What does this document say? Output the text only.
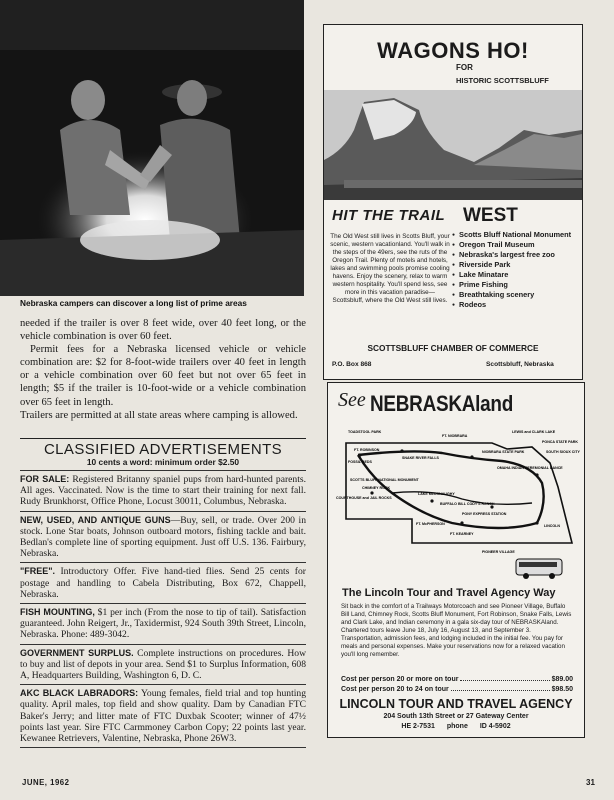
Nebraska campers can discover a long list of prime areas

needed if the trailer is over 8 feet wide, over 40 feet long, or the vehicle combination is over 60 feet.

Permit fees for a Nebraska licensed vehicle or vehicle combination are: $2 for 8-foot-wide trailers over 40 feet in length or a vehicle combination over 60 feet but not over 65 feet in length; $5 if the trailer is 10-foot-wide or a vehicle combination over 65 feet in length.

Trailers are permitted at all state areas where camping is allowed.

CLASSIFIED ADVERTISEMENTS
10 cents a word: minimum order $2.50
FOR SALE: Registered Britanny spaniel pups from hard-hunted parents. All ages. Vaccinated. Now is the time to start their training for next fall. Rudy Brunkhorst, Office Phone, Locust 30011, Columbus, Nebraska.
NEW, USED, AND ANTIQUE GUNS—Buy, sell, or trade. Over 200 in stock. Lone Star boats, Johnson outboard motors, fishing tackle and bait. Bedlan's complete line of sporting equipment. Just off U.S. 136. Fairbury, Nebraska.
"FREE". Introductory Offer. Five hand-tied flies. Send 25 cents for postage and handling to Cabela Distributing, Box 672, Chappell, Nebraska.
FISH MOUNTING, $1 per inch (From the nose to tip of tail). Satisfaction guaranteed. John Reigert, Jr., Taxidermist, 924 South 39th Street, Lincoln, Nebraska. Phone: 489-3042.
GOVERNMENT SURPLUS. Complete instructions on procedures. How to buy and list of depots in your area. Send $1 to Surplus Information, 608 A, Headquarters Building, Washington 6, D. C.
AKC BLACK LABRADORS: Young females, field trial and top hunting quality. April males, top field and show quality. Dam by Canadian FTC Baker's Jerry; and litter mate of FTC Duxbak Scooter; winner of 47½ points last year. Sire FTC Carmmoney Carbon Copy; 22 points last year. Kewanee Retrievers, Valentine, Nebraska, Phone 26W3.
JUNE, 1962	31
WAGONS HO!
FOR
HISTORIC SCOTTSBLUFF
HIT THE TRAIL WEST
The Old West still lives in Scotts Bluff, your scenic, western vacationland. You'll walk in the steps of the 49ers, see the ruts of the Oregon Trail. Plenty of motels and hotels, lakes and swimming pools promise cooling havens. Enjoy the scenery, relax to warm western hospitality. You'll spend less, see more in this vacation paradise—Scottsbluff, where the Old West still lives.
● Scotts Bluff National Monument
● Oregon Trail Museum
● Nebraska's largest free zoo
● Riverside Park
● Lake Minatare
● Prime Fishing
● Breathtaking scenery
● Rodeos
SCOTTSBLUFF CHAMBER OF COMMERCE
P.O. Box 868	Scottsbluff, Nebraska
See NEBRASKAland
TOADSTOOL PARK
FT. ROBINSON
FOSSIL BEDS
SNAKE RIVER FALLS
FT. NIOBRARA
LEWIS and CLARK LAKE
PONCA STATE PARK
SOUTH SIOUX CITY
NIOBRARA STATE PARK
OMAHA INDIAN CEREMONIAL DANCE
SCOTTS BLUFF NATIONAL MONUMENT
CHIMNEY ROCK
LAKE McCONAUGHY
BUFFALO BILL CODY'S RANCH
COURTHOUSE and JAIL ROCKS
PONY EXPRESS STATION
FT. McPHERSON	LINCOLN
FT. KEARNEY
PIONEER VILLAGE
The Lincoln Tour and Travel Agency Way
Sit back in the comfort of a Trailways Motorcoach and see Pioneer Village, Buffalo Bill Land, Chimney Rock, Scotts Bluff Monument, Fort Robinson, Snake Falls, Lewis and Clark Lake, and Indian ceremony in a gala six-day tour of NEBRASKAland. Chartered tours leave June 18, July 16, August 13, and September 3. Transportation, admission fees, and lodging included in the initial fee. You pay for meals and personal expenses. Make your reservations now for a relaxed vacation you'll long remember.
Cost per person 20 or more on tour	$89.00
Cost per person 20 to 24 on tour	$98.50
LINCOLN TOUR AND TRAVEL AGENCY
204 South 13th Street or 27 Gateway Center
HE 2-7531 phone ID 4-5902
